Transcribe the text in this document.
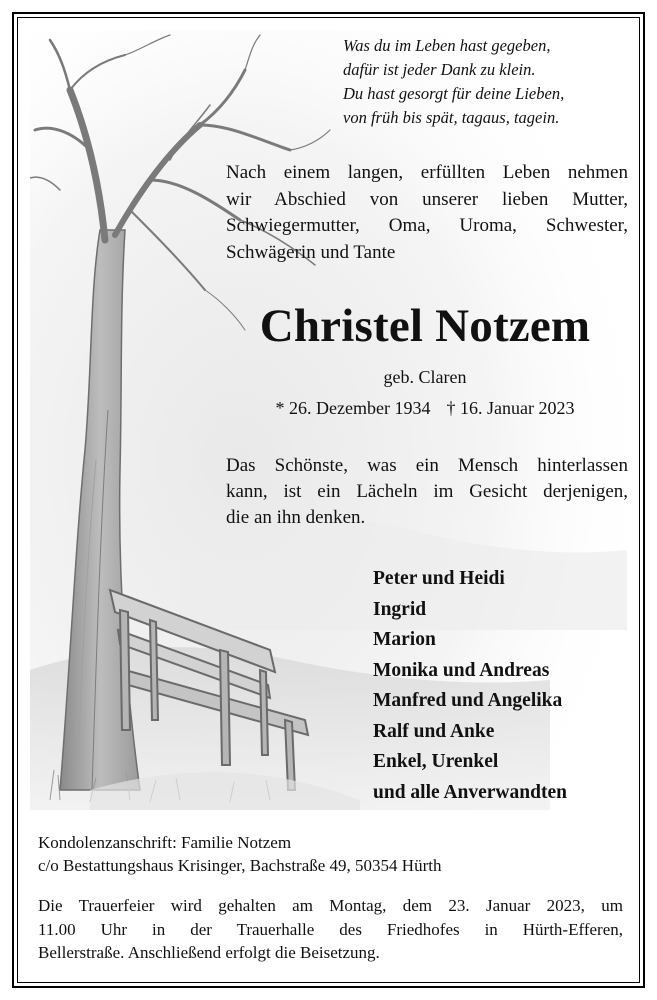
Was du im Leben hast gegeben,
dafür ist jeder Dank zu klein.
Du hast gesorgt für deine Lieben,
von früh bis spät, tagaus, tagein.
Nach einem langen, erfüllten Leben nehmen
wir Abschied von unserer lieben Mutter,
Schwiegermutter, Oma, Uroma, Schwester,
Schwägerin und Tante
Christel Notzem
geb. Claren
* 26. Dezember 1934 † 16. Januar 2023
Das Schönste, was ein Mensch hinterlassen
kann, ist ein Lächeln im Gesicht derjenigen,
die an ihn denken.
Peter und Heidi
Ingrid
Marion
Monika und Andreas
Manfred und Angelika
Ralf und Anke
Enkel, Urenkel
und alle Anverwandten
Kondolenzanschrift: Familie Notzem
c/o Bestattungshaus Krisinger, Bachstraße 49, 50354 Hürth
Die Trauerfeier wird gehalten am Montag, dem 23. Januar 2023, um
11.00 Uhr in der Trauerhalle des Friedhofes in Hürth-Efferen,
Bellerstraße. Anschließend erfolgt die Beisetzung.
